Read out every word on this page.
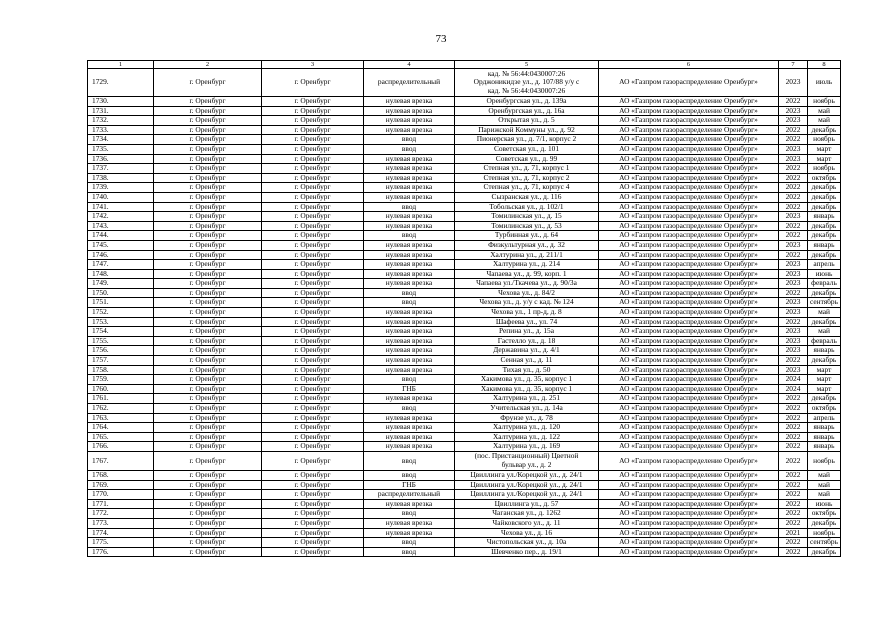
73
1	2	3	4	5	6	7	8
1729.	г. Оренбург	г. Оренбург	распределительный	кад. № 56:44:0430007:26
Орджоникидзе ул., д. 107/88 у/у с
кад. № 56:44:0430007:26	АО «Газпром газораспределение Оренбург»	2023	июль
1730.	г. Оренбург	г. Оренбург	нулевая врезка	Оренбургская ул., д. 139а	АО «Газпром газораспределение Оренбург»	2022	ноябрь
1731.	г. Оренбург	г. Оренбург	нулевая врезка	Оренбургская ул., д. 16а	АО «Газпром газораспределение Оренбург»	2023	май
1732.	г. Оренбург	г. Оренбург	нулевая врезка	Открытая ул., д. 5	АО «Газпром газораспределение Оренбург»	2023	май
1733.	г. Оренбург	г. Оренбург	нулевая врезка	Парижской Коммуны ул., д. 92	АО «Газпром газораспределение Оренбург»	2022	декабрь
1734.	г. Оренбург	г. Оренбург	ввод	Пионерская ул., д. 7/1, корпус 2	АО «Газпром газораспределение Оренбург»	2022	ноябрь
1735.	г. Оренбург	г. Оренбург	ввод	Советская ул., д. 101	АО «Газпром газораспределение Оренбург»	2023	март
1736.	г. Оренбург	г. Оренбург	нулевая врезка	Советская ул., д. 99	АО «Газпром газораспределение Оренбург»	2023	март
1737.	г. Оренбург	г. Оренбург	нулевая врезка	Степная ул., д. 71, корпус 1	АО «Газпром газораспределение Оренбург»	2022	ноябрь
1738.	г. Оренбург	г. Оренбург	нулевая врезка	Степная ул., д. 71, корпус 2	АО «Газпром газораспределение Оренбург»	2022	октябрь
1739.	г. Оренбург	г. Оренбург	нулевая врезка	Степная ул., д. 71, корпус 4	АО «Газпром газораспределение Оренбург»	2022	декабрь
1740.	г. Оренбург	г. Оренбург	нулевая врезка	Сызранская ул., д. 116	АО «Газпром газораспределение Оренбург»	2022	декабрь
1741.	г. Оренбург	г. Оренбург	ввод	Тобольская ул., д. 102/1	АО «Газпром газораспределение Оренбург»	2022	декабрь
1742.	г. Оренбург	г. Оренбург	нулевая врезка	Томилинская ул., д. 15	АО «Газпром газораспределение Оренбург»	2023	январь
1743.	г. Оренбург	г. Оренбург	нулевая врезка	Томилинская ул., д. 53	АО «Газпром газораспределение Оренбург»	2022	декабрь
1744.	г. Оренбург	г. Оренбург	ввод	Турбинная ул., д. 64	АО «Газпром газораспределение Оренбург»	2022	декабрь
1745.	г. Оренбург	г. Оренбург	нулевая врезка	Физкультурная ул., д. 32	АО «Газпром газораспределение Оренбург»	2023	январь
1746.	г. Оренбург	г. Оренбург	нулевая врезка	Халтурина ул., д. 211/1	АО «Газпром газораспределение Оренбург»	2022	декабрь
1747.	г. Оренбург	г. Оренбург	нулевая врезка	Халтурина ул., д. 214	АО «Газпром газораспределение Оренбург»	2023	апрель
1748.	г. Оренбург	г. Оренбург	нулевая врезка	Чапаева ул., д. 99, корп. 1	АО «Газпром газораспределение Оренбург»	2023	июнь
1749.	г. Оренбург	г. Оренбург	нулевая врезка	Чапаева ул./Ткачева ул., д. 90/3а	АО «Газпром газораспределение Оренбург»	2023	февраль
1750.	г. Оренбург	г. Оренбург	ввод	Чехова ул., д. 84/2	АО «Газпром газораспределение Оренбург»	2022	декабрь
1751.	г. Оренбург	г. Оренбург	ввод	Чехова ул., д. у/у с кад. № 124	АО «Газпром газораспределение Оренбург»	2023	сентябрь
1752.	г. Оренбург	г. Оренбург	нулевая врезка	Чехова ул., 1 пр-д, д. 8	АО «Газпром газораспределение Оренбург»	2023	май
1753.	г. Оренбург	г. Оренбург	нулевая врезка	Шафеева ул., ул. 74	АО «Газпром газораспределение Оренбург»	2022	декабрь
1754.	г. Оренбург	г. Оренбург	нулевая врезка	Репина ул., д. 15а	АО «Газпром газораспределение Оренбург»	2023	май
1755.	г. Оренбург	г. Оренбург	нулевая врезка	Гастелло ул., д. 18	АО «Газпром газораспределение Оренбург»	2023	февраль
1756.	г. Оренбург	г. Оренбург	нулевая врезка	Державина ул., д. 4/1	АО «Газпром газораспределение Оренбург»	2023	январь
1757.	г. Оренбург	г. Оренбург	нулевая врезка	Сенная ул., д. 11	АО «Газпром газораспределение Оренбург»	2022	декабрь
1758.	г. Оренбург	г. Оренбург	нулевая врезка	Тихая ул., д. 50	АО «Газпром газораспределение Оренбург»	2023	март
1759.	г. Оренбург	г. Оренбург	ввод	Хакимова ул., д. 35, корпус 1	АО «Газпром газораспределение Оренбург»	2024	март
1760.	г. Оренбург	г. Оренбург	ГНБ	Хакимова ул., д. 35, корпус 1	АО «Газпром газораспределение Оренбург»	2024	март
1761.	г. Оренбург	г. Оренбург	нулевая врезка	Халтурина ул., д. 251	АО «Газпром газораспределение Оренбург»	2022	декабрь
1762.	г. Оренбург	г. Оренбург	ввод	Учительская ул., д. 14а	АО «Газпром газораспределение Оренбург»	2022	октябрь
1763.	г. Оренбург	г. Оренбург	нулевая врезка	Фрунзе ул., д. 78	АО «Газпром газораспределение Оренбург»	2022	апрель
1764.	г. Оренбург	г. Оренбург	нулевая врезка	Халтурина ул., д. 120	АО «Газпром газораспределение Оренбург»	2022	январь
1765.	г. Оренбург	г. Оренбург	нулевая врезка	Халтурина ул., д. 122	АО «Газпром газораспределение Оренбург»	2022	январь
1766.	г. Оренбург	г. Оренбург	нулевая врезка	Халтурина ул., д. 169	АО «Газпром газораспределение Оренбург»	2022	январь
1767.	г. Оренбург	г. Оренбург	ввод	(пос. Пристанционный) Цветной
бульвар ул., д. 2	АО «Газпром газораспределение Оренбург»	2022	ноябрь
1768.	г. Оренбург	г. Оренбург	ввод	Цвиллинга ул./Корецкой ул., д. 24/1	АО «Газпром газораспределение Оренбург»	2022	май
1769.	г. Оренбург	г. Оренбург	ГНБ	Цвиллинга ул./Корецкой ул., д. 24/1	АО «Газпром газораспределение Оренбург»	2022	май
1770.	г. Оренбург	г. Оренбург	распределительный	Цвиллинга ул./Корецкой ул., д. 24/1	АО «Газпром газораспределение Оренбург»	2022	май
1771.	г. Оренбург	г. Оренбург	нулевая врезка	Цвиллинга ул., д. 57	АО «Газпром газораспределение Оренбург»	2022	июнь
1772.	г. Оренбург	г. Оренбург	ввод	Чаганская ул., д. 1262	АО «Газпром газораспределение Оренбург»	2022	октябрь
1773.	г. Оренбург	г. Оренбург	нулевая врезка	Чайковского ул., д. 11	АО «Газпром газораспределение Оренбург»	2022	декабрь
1774.	г. Оренбург	г. Оренбург	нулевая врезка	Чехова ул., д. 16	АО «Газпром газораспределение Оренбург»	2021	ноябрь
1775.	г. Оренбург	г. Оренбург	ввод	Чистопольская ул., д. 10а	АО «Газпром газораспределение Оренбург»	2022	сентябрь
1776.	г. Оренбург	г. Оренбург	ввод	Шевченко пер., д. 19/1	АО «Газпром газораспределение Оренбург»	2022	декабрь
